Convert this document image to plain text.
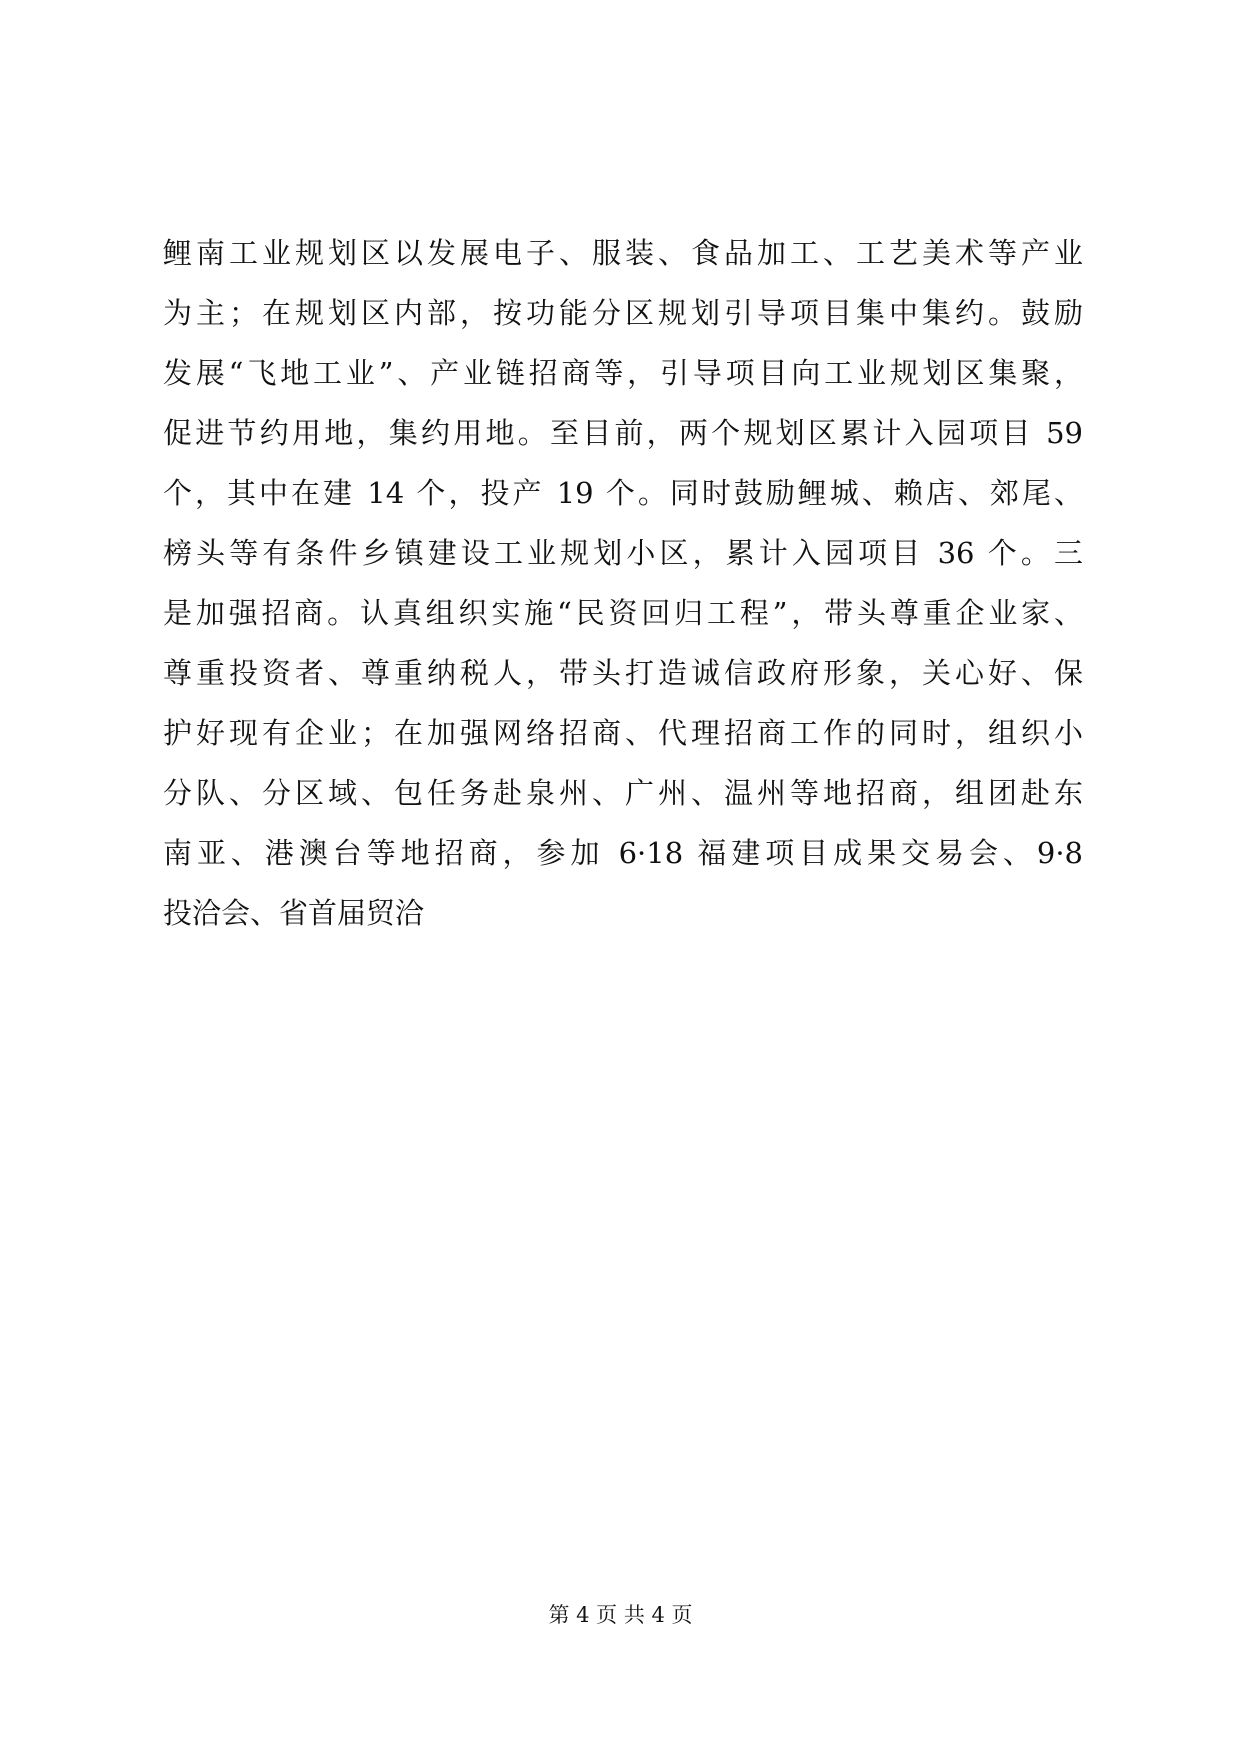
鲤南工业规划区以发展电子、服装、食品加工、工艺美术等产业
为主；在规划区内部，按功能分区规划引导项目集中集约。鼓励
发展“飞地工业”、产业链招商等，引导项目向工业规划区集聚，
促进节约用地，集约用地。至目前，两个规划区累计入园项目 59
个，其中在建 14 个，投产 19 个。同时鼓励鲤城、赖店、郊尾、
榜头等有条件乡镇建设工业规划小区，累计入园项目 36 个。三
是加强招商。认真组织实施“民资回归工程”，带头尊重企业家、
尊重投资者、尊重纳税人，带头打造诚信政府形象，关心好、保
护好现有企业；在加强网络招商、代理招商工作的同时，组织小
分队、分区域、包任务赴泉州、广州、温州等地招商，组团赴东
南亚、港澳台等地招商，参加 6·18 福建项目成果交易会、9·8
投洽会、省首届贸洽
第 4 页 共 4 页
